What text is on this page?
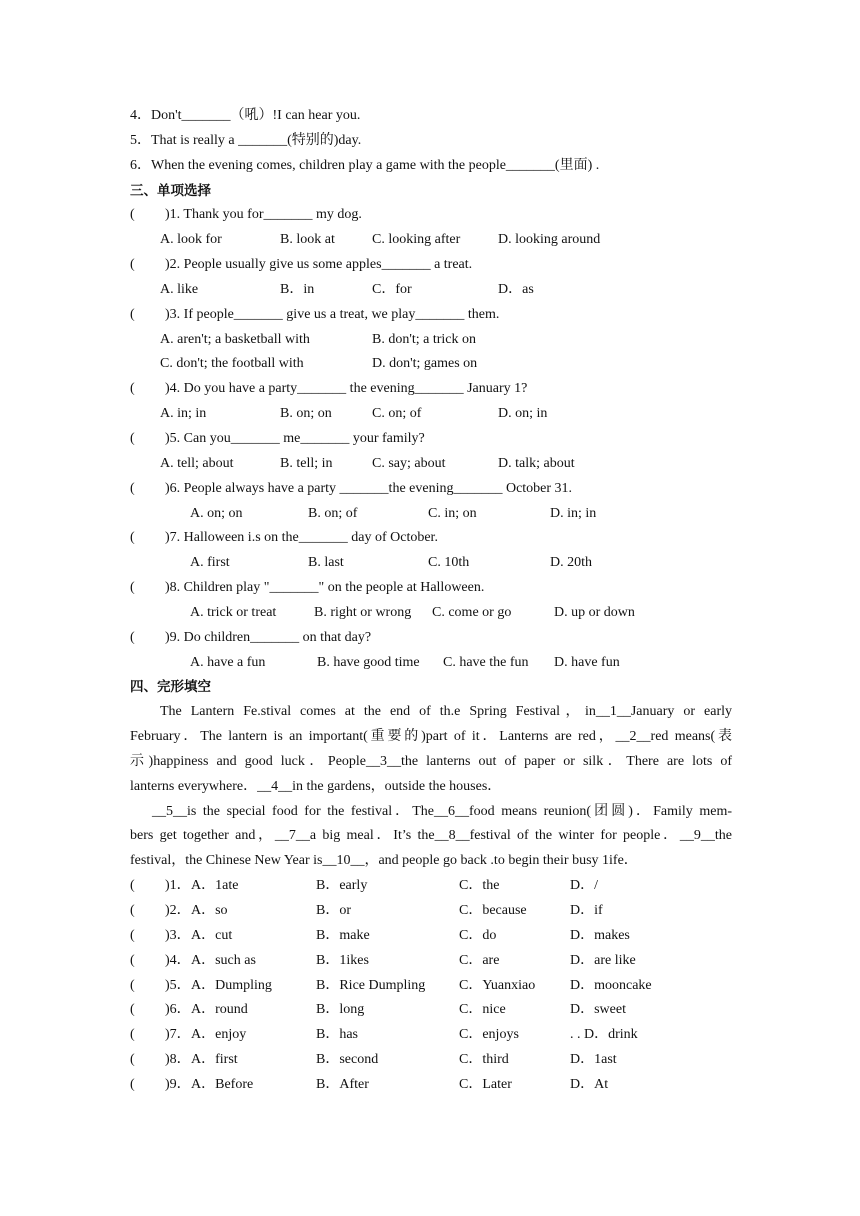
4．Don't_______（吼）!I can hear you.
5．That is really a _______(特别的)day.
6．When the evening comes, children play a game with the people_______(里面) .
三、单项选择
( )1. Thank you for_______ my dog.
A. look for	B. look at	C. looking after	D. looking around
( )2. People usually give us some apples_______ a treat.
A. like	B．in	C．for	D．as
( )3. If people_______ give us a treat, we play_______ them.
A. aren't; a basketball with	B. don't; a trick on
C. don't; the football with	D. don't; games on
( )4. Do you have a party_______ the evening_______ January 1?
A. in; in	B. on; on	C. on; of	D. on; in
( )5. Can you_______ me_______ your family?
A. tell; about	B. tell; in	C. say; about	D. talk; about
( )6. People always have a party _______the evening_______ October 31.
A. on; on	B. on; of	C. in; on	D. in; in
( )7. Halloween i.s on the_______ day of October.
A. first	B. last	C. 10th	D. 20th
( )8. Children play "_______" on the people at Halloween.
A. trick or treat	B. right or wrong C. come or go	D. up or down
( )9. Do children_______ on that day?
A. have a fun	B. have good time C. have the fun D. have fun
四、完形填空
The Lantern Fe.stival comes at the end of th.e Spring Festival，in__1__January or early
February．The lantern is an important(重要的)part of it．Lanterns are red，__2__red means(表
示)happiness and good luck．People__3__the lanterns out of paper or silk．There are lots of
lanterns everywhere．__4__in the gardens，outside the houses．
__5__is the special food for the festival．The__6__food means reunion(团圆)．Family mem-
bers get together and，__7__a big meal．It’s the__8__festival of the winter for people．__9__the
festival，the Chinese New Year is__10__，and people go back .to begin their busy 1ife．
( )1． A．1ate	B．early	C．the	D．/
( )2． A．so	B．or	C．because	D．if
( )3． A．cut	B．make	C．do	D．makes
( )4． A．such as	B．1ikes	C．are	D．are like
( )5． A．Dumpling	B．Rice Dumpling C．Yuanxiao D．mooncake
( )6． A．round	B．long	C．nice	D．sweet
( )7． A．enjoy	B．has	C．enjoys	. . D．drink
( )8． A．first	B．second	C．third	D．1ast
( )9． A．Before	B．After	C．Later	D．At
